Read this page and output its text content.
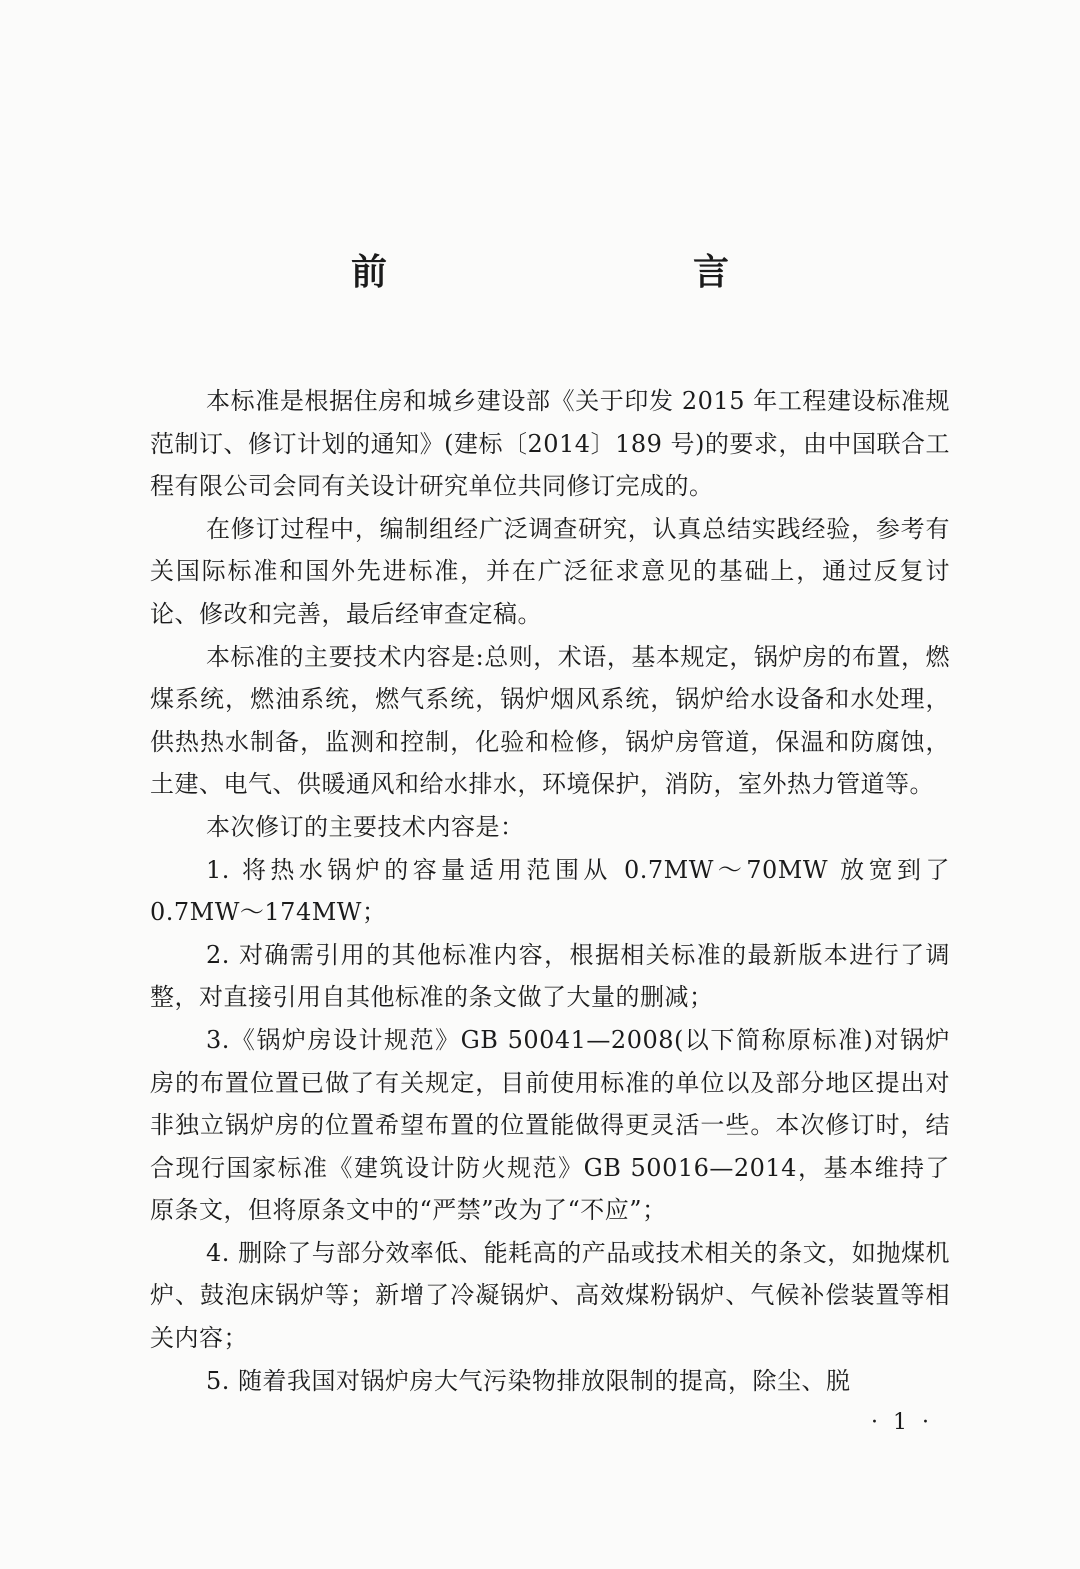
前　　言

本标准是根据住房和城乡建设部《关于印发 2015 年工程建设标准规范制订、修订计划的通知》(建标〔2014〕189 号)的要求，由中国联合工程有限公司会同有关设计研究单位共同修订完成的。

在修订过程中，编制组经广泛调查研究，认真总结实践经验，参考有关国际标准和国外先进标准，并在广泛征求意见的基础上，通过反复讨论、修改和完善，最后经审查定稿。

本标准的主要技术内容是:总则，术语，基本规定，锅炉房的布置，燃煤系统，燃油系统，燃气系统，锅炉烟风系统，锅炉给水设备和水处理，供热热水制备，监测和控制，化验和检修，锅炉房管道，保温和防腐蚀，土建、电气、供暖通风和给水排水，环境保护，消防，室外热力管道等。

本次修订的主要技术内容是：

1. 将热水锅炉的容量适用范围从 0.7MW～70MW 放宽到了 0.7MW～174MW；

2. 对确需引用的其他标准内容，根据相关标准的最新版本进行了调整，对直接引用自其他标准的条文做了大量的删减；

3.《锅炉房设计规范》GB 50041—2008(以下简称原标准)对锅炉房的布置位置已做了有关规定，目前使用标准的单位以及部分地区提出对非独立锅炉房的位置希望布置的位置能做得更灵活一些。本次修订时，结合现行国家标准《建筑设计防火规范》GB 50016—2014，基本维持了原条文，但将原条文中的“严禁”改为了“不应”；

4. 删除了与部分效率低、能耗高的产品或技术相关的条文，如抛煤机炉、鼓泡床锅炉等；新增了冷凝锅炉、高效煤粉锅炉、气候补偿装置等相关内容；

5. 随着我国对锅炉房大气污染物排放限制的提高，除尘、脱

· 1 ·
